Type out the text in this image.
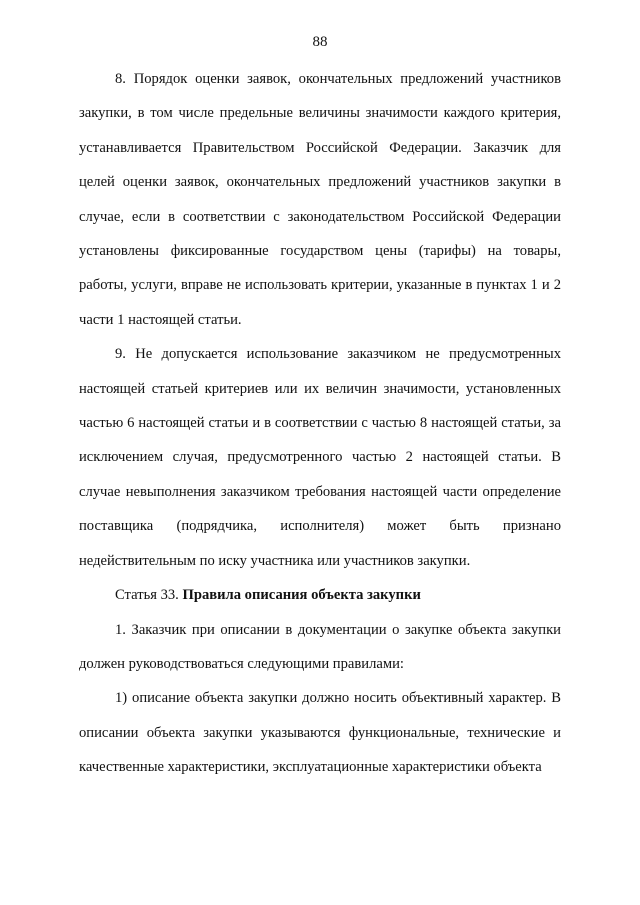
88

8. Порядок оценки заявок, окончательных предложений участников закупки, в том числе предельные величины значимости каждого критерия, устанавливается Правительством Российской Федерации. Заказчик для целей оценки заявок, окончательных предложений участников закупки в случае, если в соответствии с законодательством Российской Федерации установлены фиксированные государством цены (тарифы) на товары, работы, услуги, вправе не использовать критерии, указанные в пунктах 1 и 2 части 1 настоящей статьи.

9. Не допускается использование заказчиком не предусмотренных настоящей статьей критериев или их величин значимости, установленных частью 6 настоящей статьи и в соответствии с частью 8 настоящей статьи, за исключением случая, предусмотренного частью 2 настоящей статьи. В случае невыполнения заказчиком требования настоящей части определение поставщика (подрядчика, исполнителя) может быть признано недействительным по иску участника или участников закупки.

Статья 33. Правила описания объекта закупки

1. Заказчик при описании в документации о закупке объекта закупки должен руководствоваться следующими правилами:

1) описание объекта закупки должно носить объективный характер. В описании объекта закупки указываются функциональные, технические и качественные характеристики, эксплуатационные характеристики объекта
